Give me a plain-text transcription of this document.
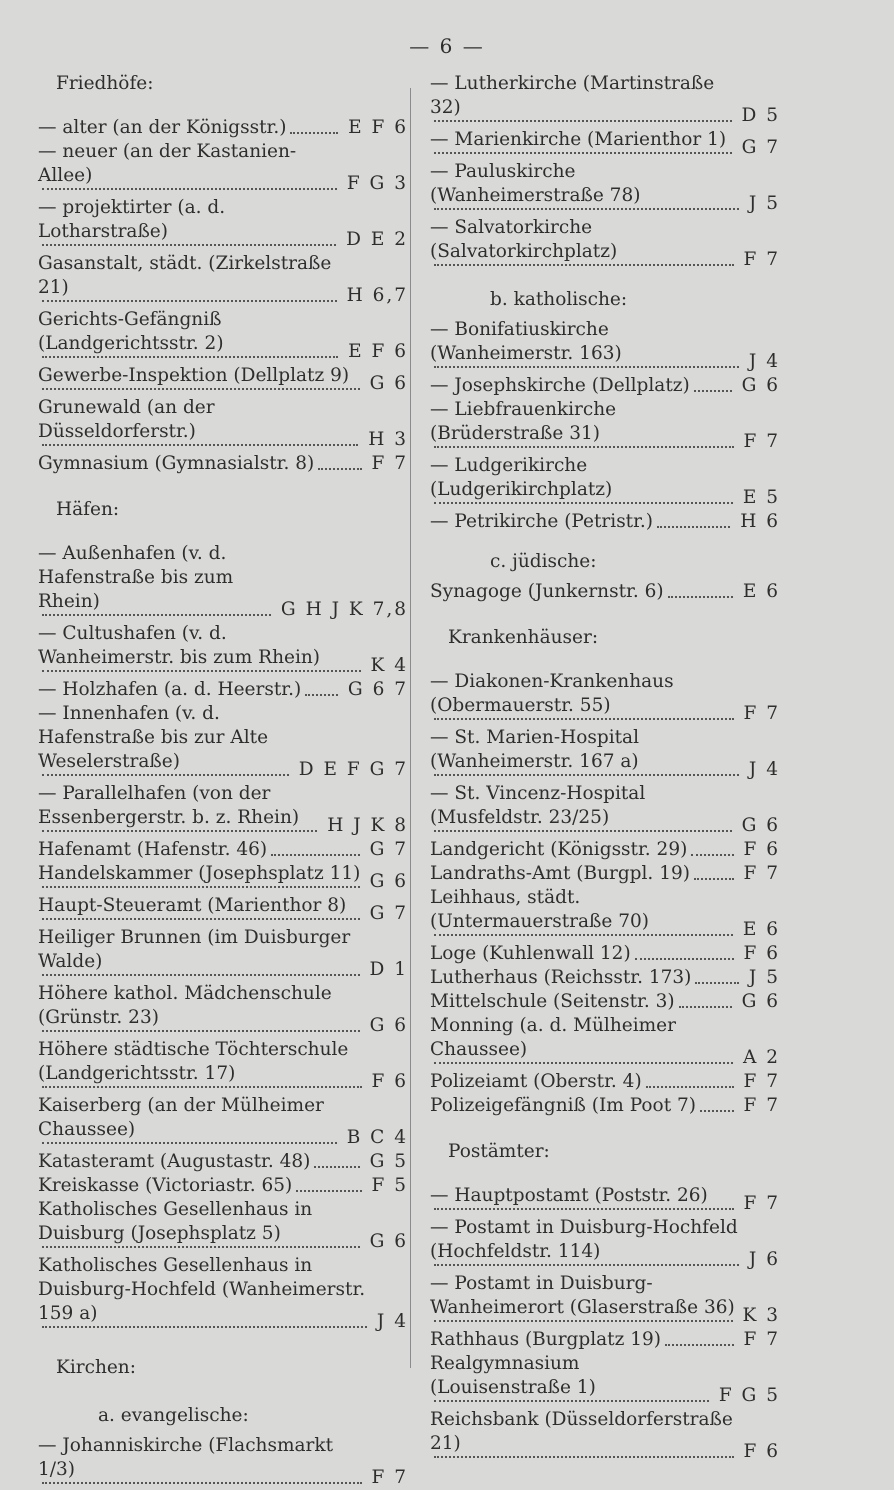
— 6 —
Friedhöfe:
— alter (an der Königsstr.)	E F 6
— neuer (an der Kastanien-Allee)	F G 3
— projektirter (a. d. Lotharstraße)	D E 2
Gasanstalt, städt. (Zirkelstraße 21)	H 6,7
Gerichts-Gefängniß (Landgerichtsstr. 2)	E F 6
Gewerbe-Inspektion (Dellplatz 9) G 6
Grunewald (an der Düsseldorferstr.)	H 3
Gymnasium (Gymnasialstr. 8)	F 7
Häfen:
— Außenhafen (v. d. Hafenstraße bis zum Rhein)	G H J K 7,8
— Cultushafen (v. d. Wanheimerstr. bis zum Rhein)	K 4
— Holzhafen (a. d. Heerstr.)	G 6 7
— Innenhafen (v. d. Hafenstraße bis zur Alte Weselerstraße)	D E F G 7
— Parallelhafen (von der Essenbergerstr. b. z. Rhein)	H J K 8
Hafenamt (Hafenstr. 46)	G 7
Handelskammer (Josephsplatz 11) G 6
Haupt-Steueramt (Marienthor 8) G 7
Heiliger Brunnen (im Duisburger Walde)	D 1
Höhere kathol. Mädchenschule (Grünstr. 23)	G 6
Höhere städtische Töchterschule (Landgerichtsstr. 17)	F 6
Kaiserberg (an der Mülheimer Chaussee)	B C 4
Katasteramt (Augustastr. 48)	G 5
Kreiskasse (Victoriastr. 65)	F 5
Katholisches Gesellenhaus in Duisburg (Josephsplatz 5)	G 6
Katholisches Gesellenhaus in Duisburg-Hochfeld (Wanheimerstr. 159 a)	J 4
Kirchen:
a. evangelische:
— Johanniskirche (Flachsmarkt 1/3)	F 7
— Lutherkirche (Martinstraße 32)	D 5
— Marienkirche (Marienthor 1) G 7
— Pauluskirche (Wanheimerstraße 78)	J 5
— Salvatorkirche (Salvatorkirchplatz)	F 7
b. katholische:
— Bonifatiuskirche (Wanheimerstr. 163)	J 4
— Josephskirche (Dellplatz)	G 6
— Liebfrauenkirche (Brüderstraße 31)	F 7
— Ludgerikirche (Ludgerikirchplatz)	E 5
— Petrikirche (Petristr.)	H 6
c. jüdische:
Synagoge (Junkernstr. 6)	E 6
Krankenhäuser:
— Diakonen-Krankenhaus (Obermauerstr. 55)	F 7
— St. Marien-Hospital (Wanheimerstr. 167 a)	J 4
— St. Vincenz-Hospital (Musfeldstr. 23/25)	G 6
Landgericht (Königsstr. 29)	F 6
Landraths-Amt (Burgpl. 19)	F 7
Leihhaus, städt. (Untermauerstraße 70)	E 6
Loge (Kuhlenwall 12)	F 6
Lutherhaus (Reichsstr. 173)	J 5
Mittelschule (Seitenstr. 3)	G 6
Monning (a. d. Mülheimer Chaussee)	A 2
Polizeiamt (Oberstr. 4)	F 7
Polizeigefängniß (Im Poot 7)	F 7
Postämter:
— Hauptpostamt (Poststr. 26) F 7
— Postamt in Duisburg-Hochfeld (Hochfeldstr. 114)	J 6
— Postamt in Duisburg-Wanheimerort (Glaserstraße 36) K 3
Rathhaus (Burgplatz 19)	F 7
Realgymnasium (Louisenstraße 1)	F G 5
Reichsbank (Düsseldorferstraße 21)	F 6
